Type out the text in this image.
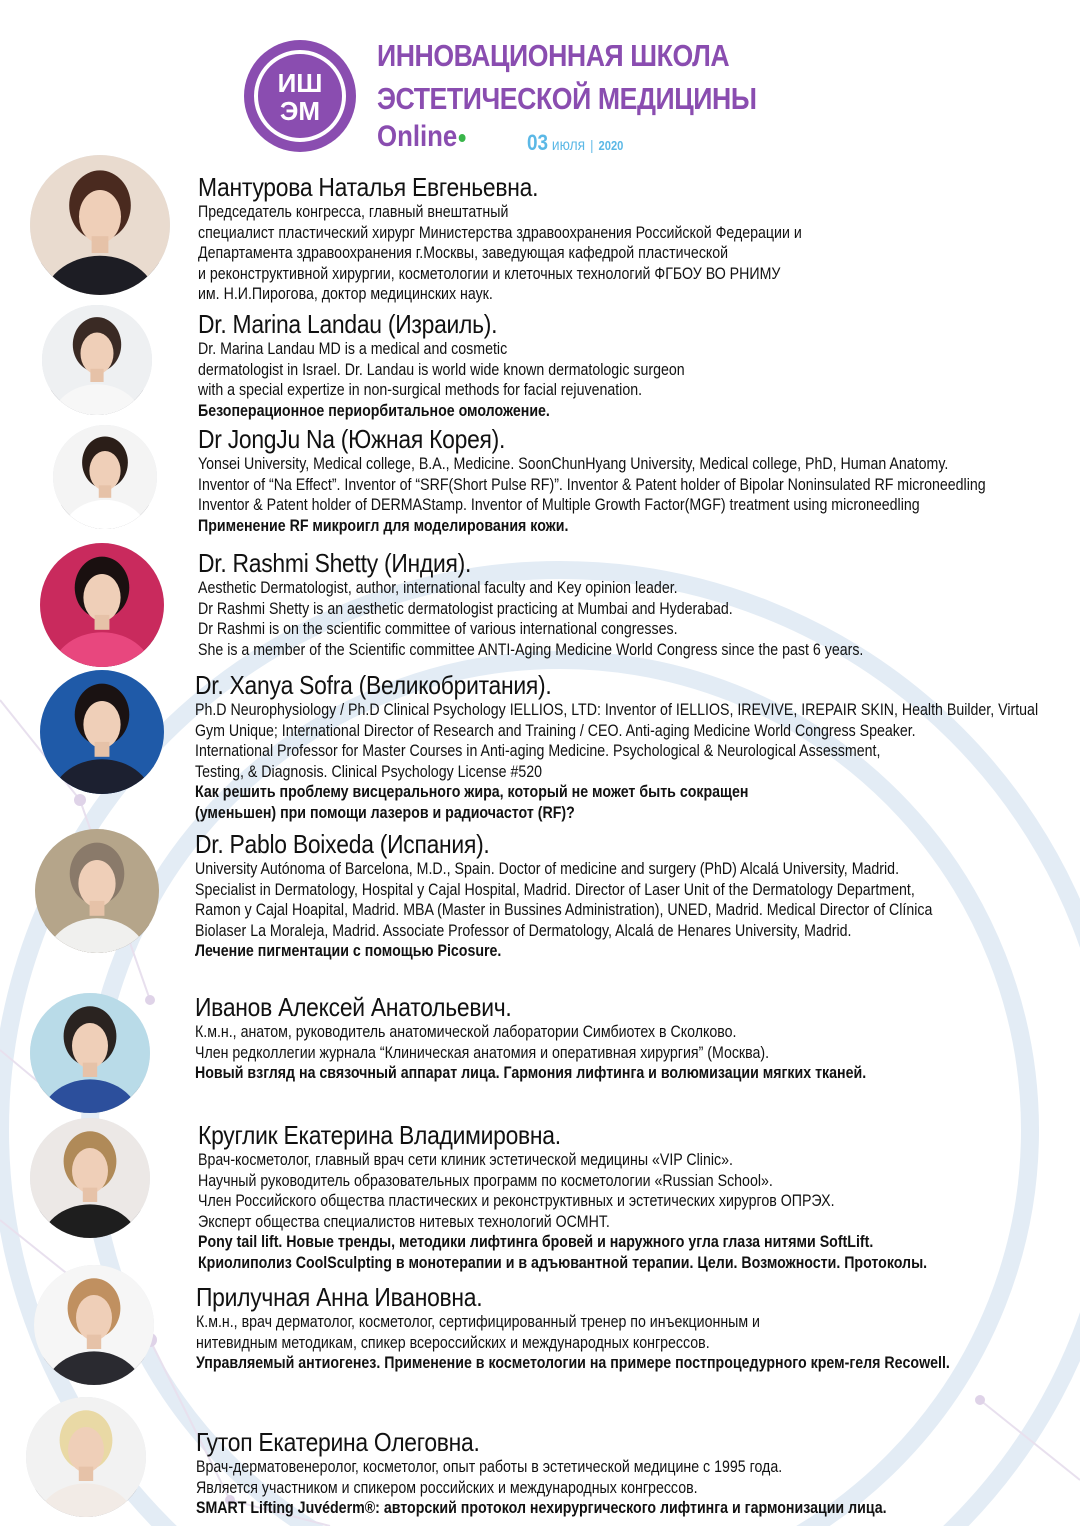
ИШ
ЭМ
ИННОВАЦИОННАЯ ШКОЛА
ЭСТЕТИЧЕСКОЙ МЕДИЦИНЫ
Online	03 июля | 2020
Мантурова Наталья Евгеньевна.
Председатель конгресса, главный внештатный
специалист пластический хирург Министерства здравоохранения Российской Федерации и
Департамента здравоохранения г.Москвы, заведующая кафедрой пластической
и реконструктивной хирургии, косметологии и клеточных технологий ФГБОУ ВО РНИМУ
им. Н.И.Пирогова, доктор медицинских наук.
Dr. Marina Landau (Израиль).
Dr. Marina Landau MD is a medical and cosmetic
dermatologist in Israel. Dr. Landau is world wide known dermatologic surgeon
with a special expertize in non-surgical methods for facial rejuvenation.
Безоперационное периорбитальное омоложение.
Dr JongJu Na (Южная Корея).
Yonsei University, Medical college, B.A., Medicine. SoonChunHyang University, Medical college, PhD, Human Anatomy.
Inventor of “Na Effect”. Inventor of “SRF(Short Pulse RF)”. Inventor & Patent holder of Bipolar Noninsulated RF microneedling
Inventor & Patent holder of DERMAStamp. Inventor of Multiple Growth Factor(MGF) treatment using microneedling
Применение RF микроигл для моделирования кожи.
Dr. Rashmi Shetty (Индия).
Aesthetic Dermatologist, author, international faculty and Key opinion leader.
Dr Rashmi Shetty is an aesthetic dermatologist practicing at Mumbai and Hyderabad.
Dr Rashmi is on the scientific committee of various international congresses.
She is a member of the Scientific committee ANTI-Aging Medicine World Congress since the past 6 years.
Dr. Xanya Sofra (Великобритания).
Ph.D Neurophysiology / Ph.D Clinical Psychology IELLIOS, LTD: Inventor of IELLIOS, IREVIVE, IREPAIR SKIN, Health Builder, Virtual
Gym Unique; International Director of Research and Training / CEO. Anti-aging Medicine World Congress Speaker.
International Professor for Master Courses in Anti-aging Medicine. Psychological & Neurological Assessment,
Testing, & Diagnosis. Clinical Psychology License #520
Как решить проблему висцерального жира, который не может быть сокращен
(уменьшен) при помощи лазеров и радиочастот (RF)?
Dr. Pablo Boixeda (Испания).
University Autónoma of Barcelona, M.D., Spain. Doctor of medicine and surgery (PhD) Alcalá University, Madrid.
Specialist in Dermatology, Hospital y Cajal Hospital, Madrid. Director of Laser Unit of the Dermatology Department,
Ramon y Cajal Hoapital, Madrid. MBA (Master in Bussines Administration), UNED, Madrid. Medical Director of Clínica
Biolaser La Moraleja, Madrid. Associate Professor of Dermatology, Alcalá de Henares University, Madrid.
Лечение пигментации с помощью Picosure.
Иванов Алексей Анатольевич.
К.м.н., анатом, руководитель анатомической лаборатории Симбиотех в Сколково.
Член редколлегии журнала “Клиническая анатомия и оперативная хирургия” (Москва).
Новый взгляд на связочный аппарат лица. Гармония лифтинга и волюмизации мягких тканей.
Круглик Екатерина Владимировна.
Врач-косметолог, главный врач сети клиник эстетической медицины «VIP Clinic».
Научный руководитель образовательных программ по косметологии «Russian School».
Член Российского общества пластических и реконструктивных и эстетических хирургов ОПРЭХ.
Эксперт общества специалистов нитевых технологий ОСМНТ.
Pony tail lift. Новые тренды, методики лифтинга бровей и наружного угла глаза нитями SoftLift.
Криолиполиз CoolSculpting в монотерапии и в адъювантной терапии. Цели. Возможности. Протоколы.
Прилучная Анна Ивановна.
К.м.н., врач дерматолог, косметолог, сертифицированный тренер по инъекционным и
нитевидным методикам, спикер всероссийских и международных конгрессов.
Управляемый антиогенез. Применение в косметологии на примере постпроцедурного крем-геля Recowell.
Гутоп Екатерина Олеговна.
Врач-дерматовенеролог, косметолог, опыт работы в эстетической медицине с 1995 года.
Является участником и спикером российских и международных конгрессов.
SMART Lifting Juvéderm®: авторский протокол нехирургического лифтинга и гармонизации лица.
